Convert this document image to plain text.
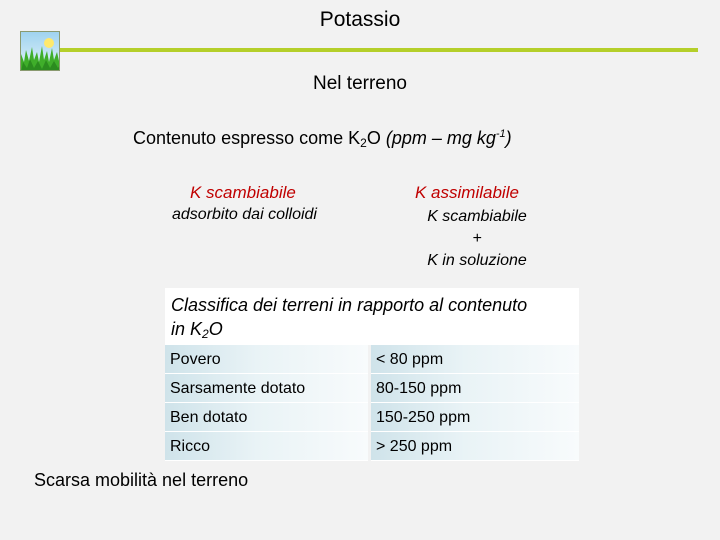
Potassio
Nel terreno
Contenuto espresso come $K_2O$ (ppm – mg $kg^{-1}$)
K scambiabile
adsorbito dai colloidi
K assimilabile
K scambiabile
+
K in soluzione
Classifica dei terreni in rapporto al contenuto
in $K_2O$
Povero	< 80 ppm
Sarsamente dotato	80-150 ppm
Ben dotato	150-250 ppm
Ricco	> 250 ppm
Scarsa mobilità nel terreno
